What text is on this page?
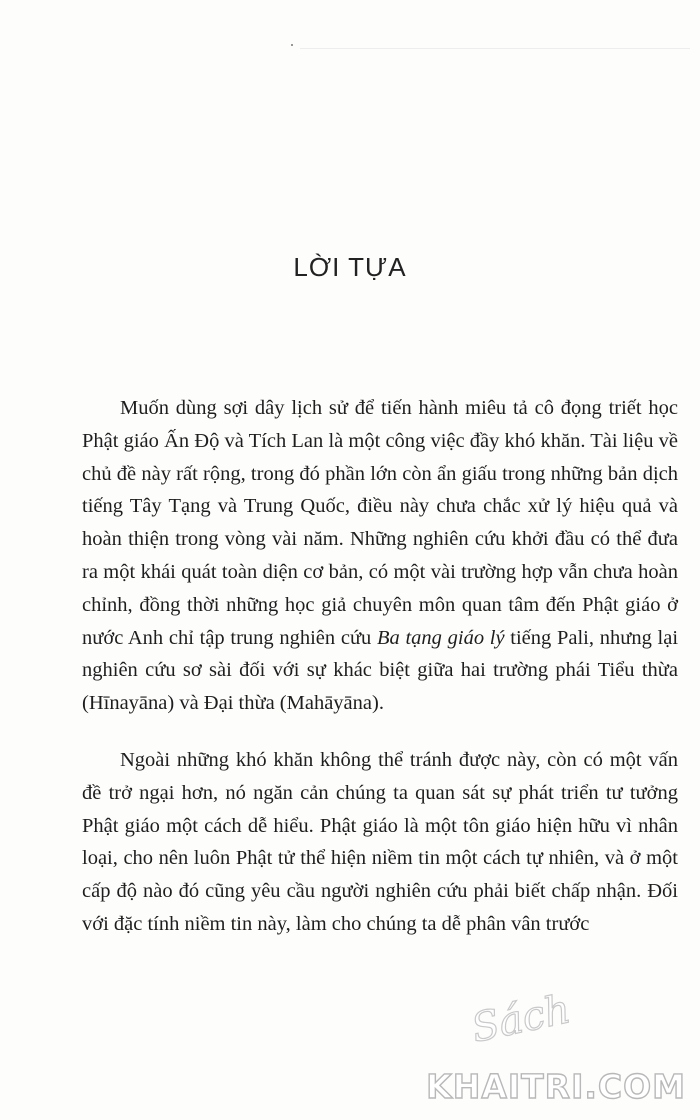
LỜI TỰA

Muốn dùng sợi dây lịch sử để tiến hành miêu tả cô đọng triết học Phật giáo Ấn Độ và Tích Lan là một công việc đầy khó khăn. Tài liệu về chủ đề này rất rộng, trong đó phần lớn còn ẩn giấu trong những bản dịch tiếng Tây Tạng và Trung Quốc, điều này chưa chắc xử lý hiệu quả và hoàn thiện trong vòng vài năm. Những nghiên cứu khởi đầu có thể đưa ra một khái quát toàn diện cơ bản, có một vài trường hợp vẫn chưa hoàn chỉnh, đồng thời những học giả chuyên môn quan tâm đến Phật giáo ở nước Anh chỉ tập trung nghiên cứu Ba tạng giáo lý tiếng Pali, nhưng lại nghiên cứu sơ sài đối với sự khác biệt giữa hai trường phái Tiểu thừa (Hīnayāna) và Đại thừa (Mahāyāna).

Ngoài những khó khăn không thể tránh được này, còn có một vấn đề trở ngại hơn, nó ngăn cản chúng ta quan sát sự phát triển tư tưởng Phật giáo một cách dễ hiểu. Phật giáo là một tôn giáo hiện hữu vì nhân loại, cho nên luôn Phật tử thể hiện niềm tin một cách tự nhiên, và ở một cấp độ nào đó cũng yêu cầu người nghiên cứu phải biết chấp nhận. Đối với đặc tính niềm tin này, làm cho chúng ta dễ phân vân trước

Sách
KHAITRI.COM
